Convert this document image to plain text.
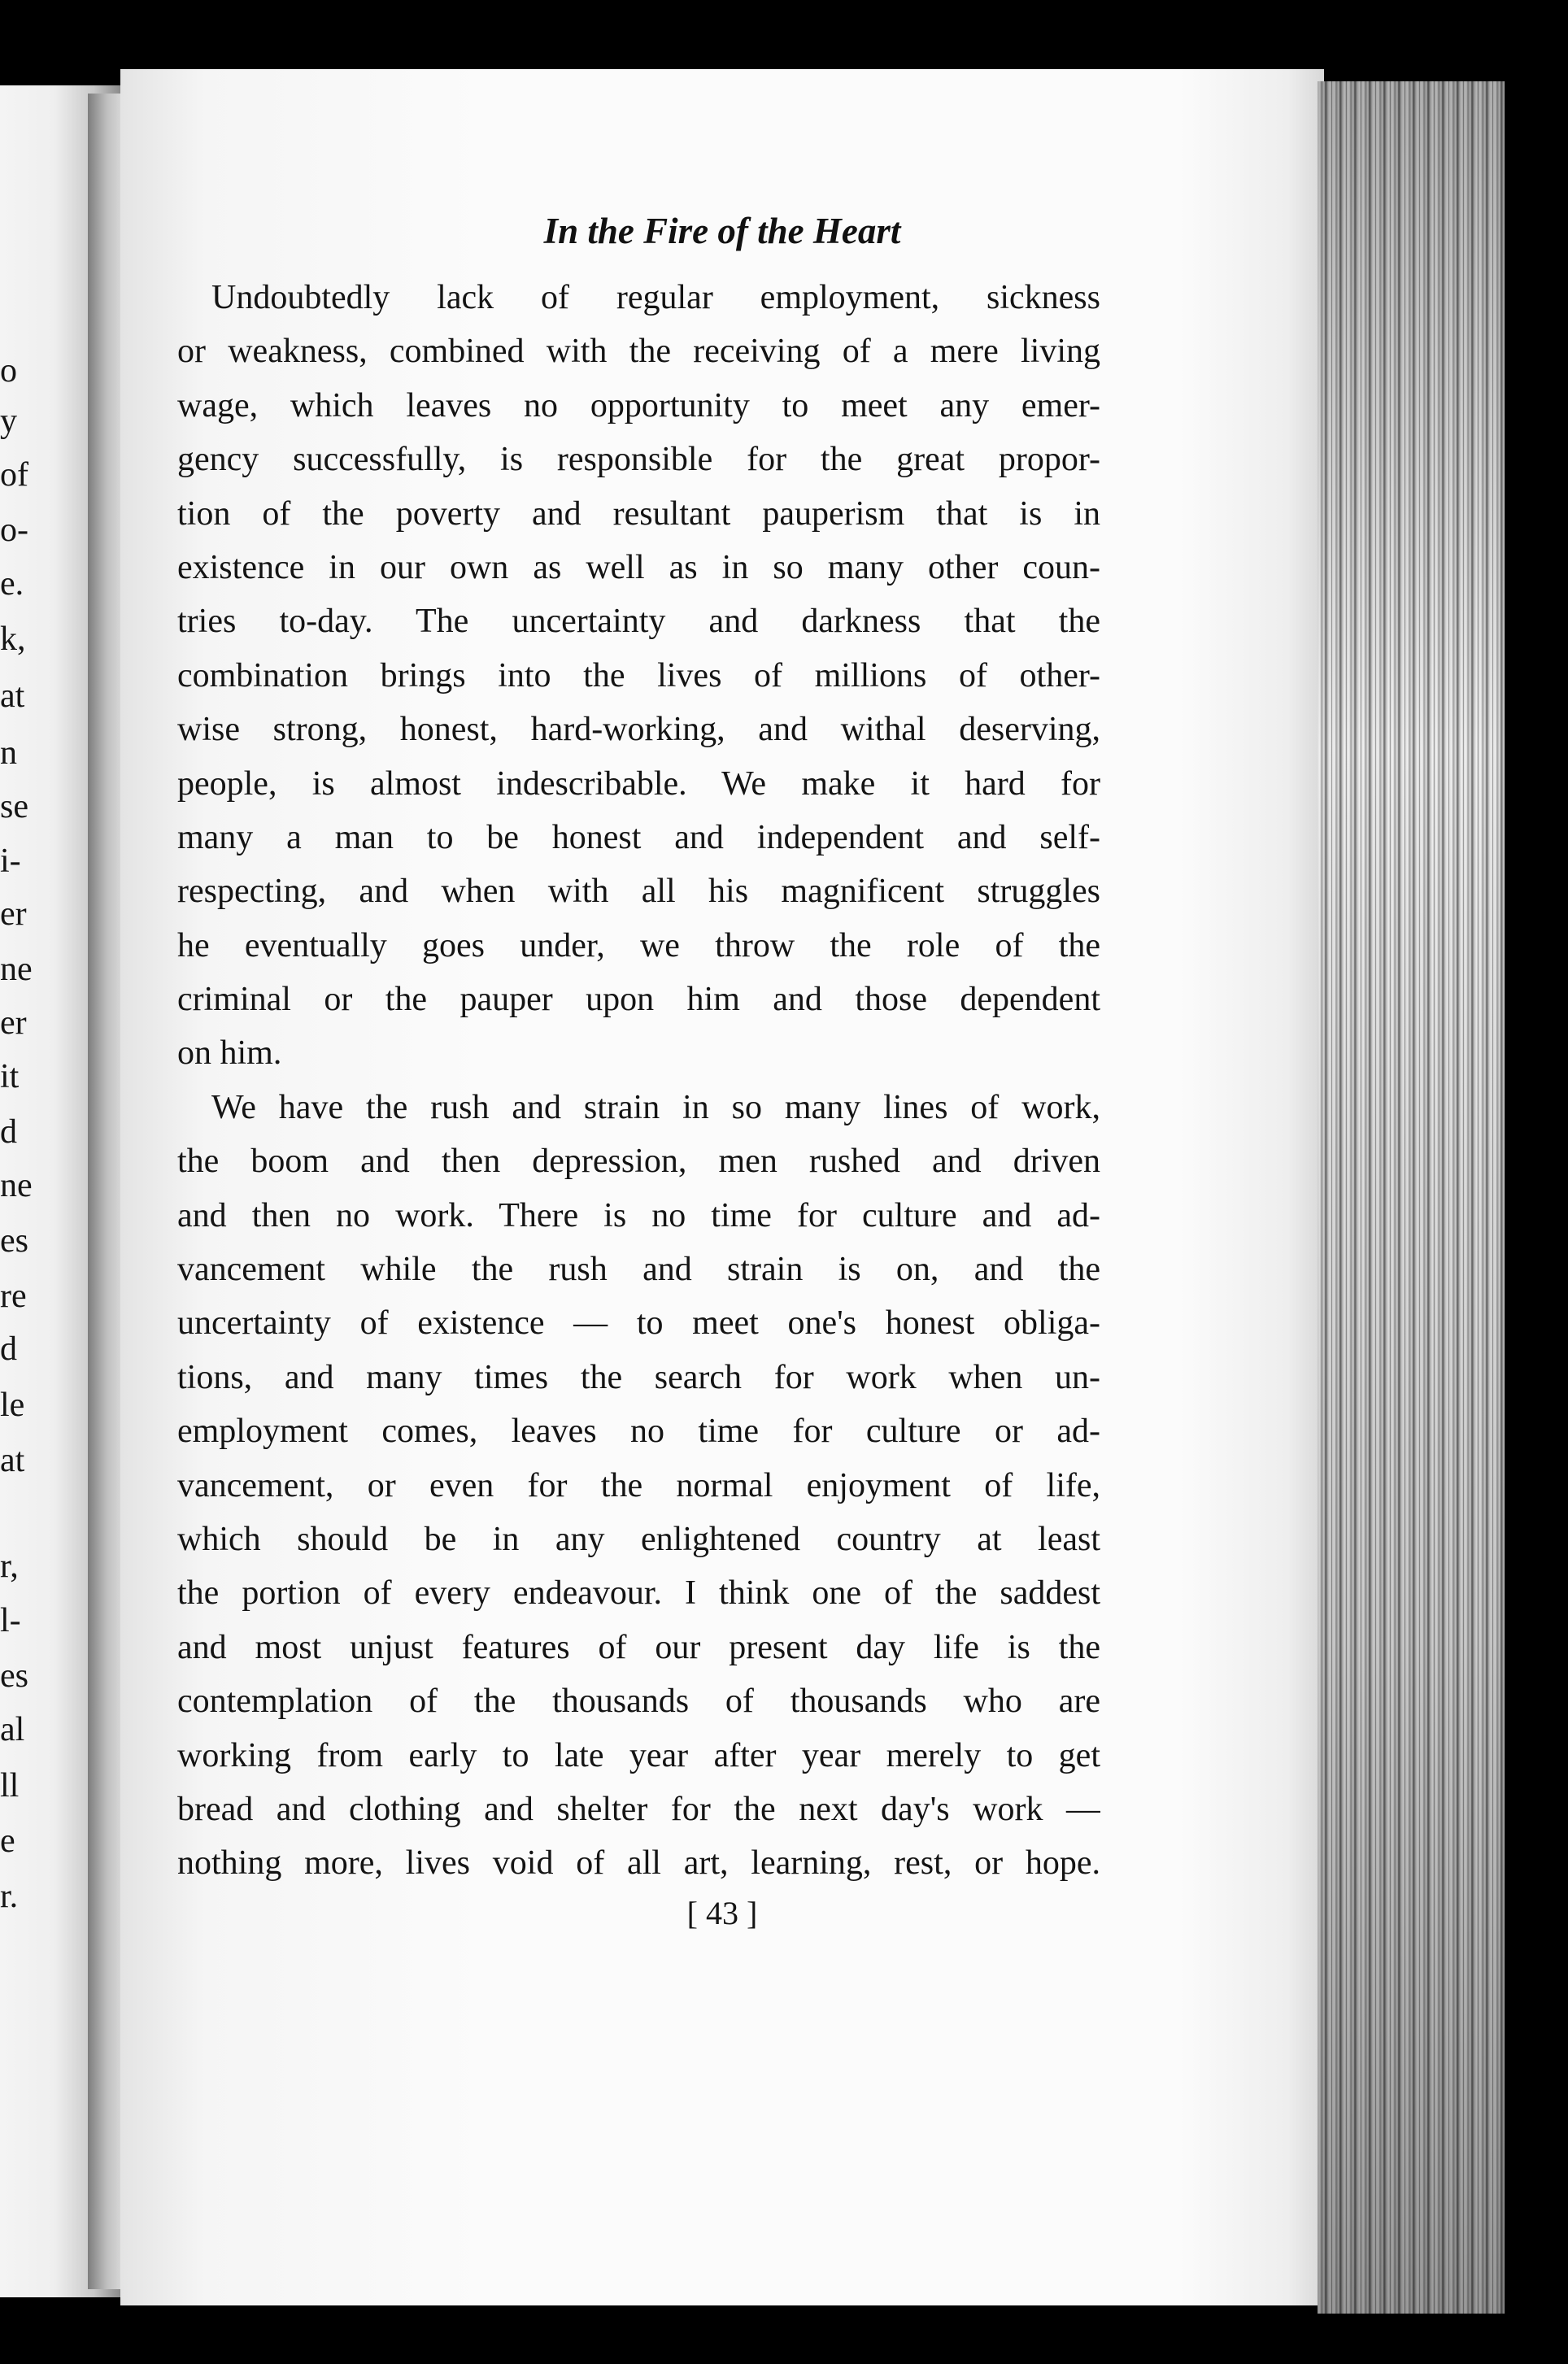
o
y
of
o-
e.
k,
at
n
se
i-
er
ne
er
it
d
ne
es
re
d
le
at
r,
l-
es
al
ll
e
r.
In the Fire of the Heart
Undoubtedly lack of regular employment, sickness
or weakness, combined with the receiving of a mere living
wage, which leaves no opportunity to meet any emer-
gency successfully, is responsible for the great propor-
tion of the poverty and resultant pauperism that is in
existence in our own as well as in so many other coun-
tries to-day. The uncertainty and darkness that the
combination brings into the lives of millions of other-
wise strong, honest, hard-working, and withal deserving,
people, is almost indescribable. We make it hard for
many a man to be honest and independent and self-
respecting, and when with all his magnificent struggles
he eventually goes under, we throw the role of the
criminal or the pauper upon him and those dependent
on him.
We have the rush and strain in so many lines of work,
the boom and then depression, men rushed and driven
and then no work. There is no time for culture and ad-
vancement while the rush and strain is on, and the
uncertainty of existence — to meet one's honest obliga-
tions, and many times the search for work when un-
employment comes, leaves no time for culture or ad-
vancement, or even for the normal enjoyment of life,
which should be in any enlightened country at least
the portion of every endeavour. I think one of the saddest
and most unjust features of our present day life is the
contemplation of the thousands of thousands who are
working from early to late year after year merely to get
bread and clothing and shelter for the next day's work —
nothing more, lives void of all art, learning, rest, or hope.

[ 43 ]
